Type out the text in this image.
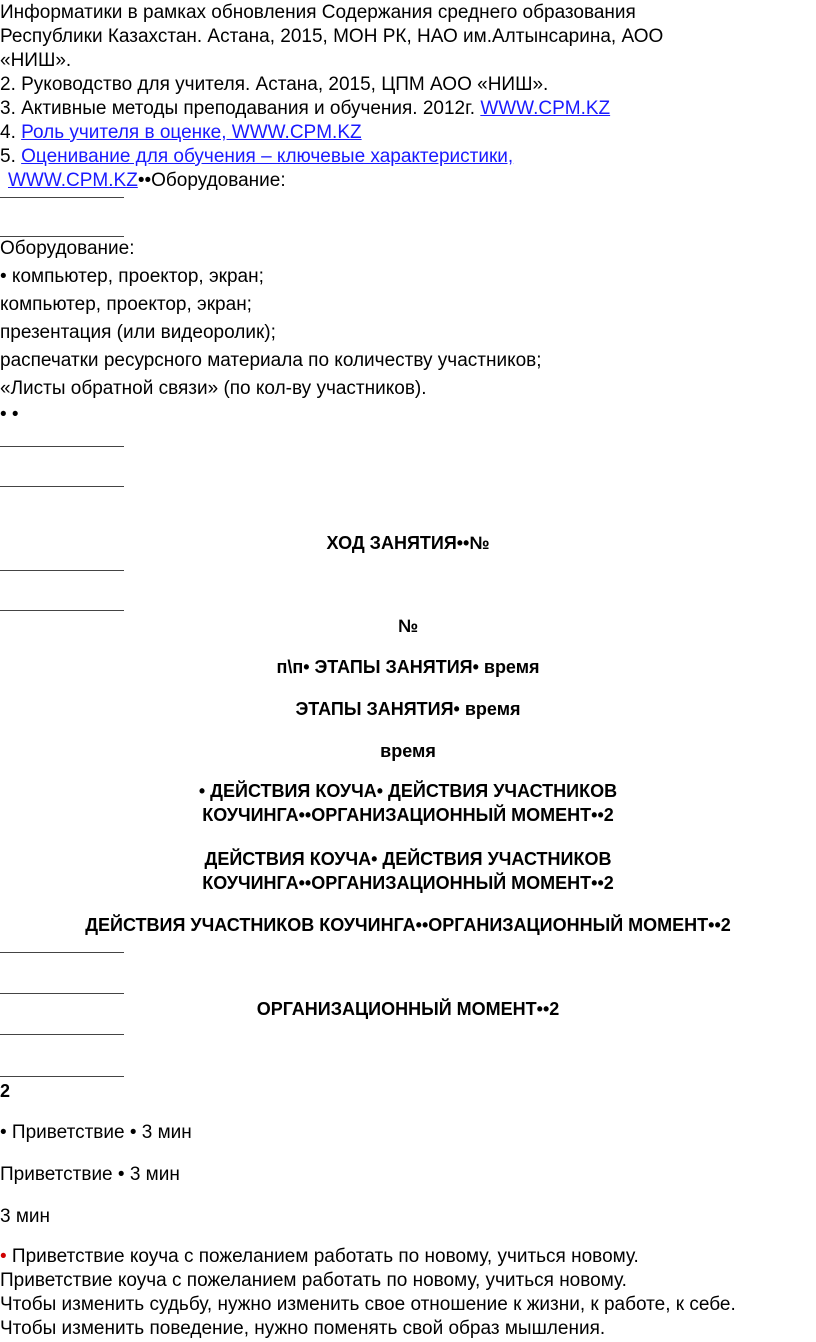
Информатики в рамках обновления Содержания среднего образования
Республики Казахстан. Астана, 2015, МОН РК, НАО им.Алтынсарина, АОО
«НИШ».
2. Руководство для учителя. Астана, 2015, ЦПМ АОО «НИШ».
3. Активные методы преподавания и обучения. 2012г. WWW.CPM.KZ
4. Роль учителя в оценке, WWW.CPM.KZ
5. Оценивание для обучения – ключевые характеристики,
WWW.CPM.KZ••Оборудование:
Оборудование:
• компьютер, проектор, экран;
компьютер, проектор, экран;
презентация (или видеоролик);
распечатки ресурсного материала по количеству участников;
«Листы обратной связи» (по кол-ву участников).
• •
ХОД ЗАНЯТИЯ••№
№
п\п• ЭТАПЫ ЗАНЯТИЯ• время
ЭТАПЫ ЗАНЯТИЯ• время
время
• ДЕЙСТВИЯ КОУЧА• ДЕЙСТВИЯ УЧАСТНИКОВ
КОУЧИНГА••ОРГАНИЗАЦИОННЫЙ МОМЕНТ••2
ДЕЙСТВИЯ КОУЧА• ДЕЙСТВИЯ УЧАСТНИКОВ
КОУЧИНГА••ОРГАНИЗАЦИОННЫЙ МОМЕНТ••2
ДЕЙСТВИЯ УЧАСТНИКОВ КОУЧИНГА••ОРГАНИЗАЦИОННЫЙ МОМЕНТ••2
ОРГАНИЗАЦИОННЫЙ МОМЕНТ••2
2
• Приветствие • 3 мин
Приветствие • 3 мин
3 мин
• Приветствие коуча с пожеланием работать по новому, учиться новому.
Приветствие коуча с пожеланием работать по новому, учиться новому.
Чтобы изменить судьбу, нужно изменить свое отношение к жизни, к работе, к себе.
Чтобы изменить поведение, нужно поменять свой образ мышления.
